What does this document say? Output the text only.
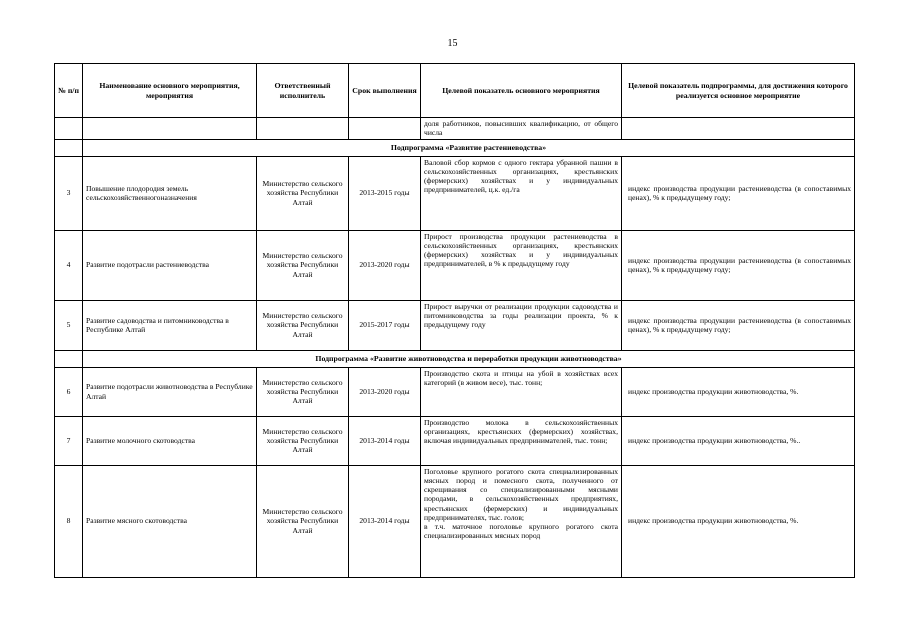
15
№ п/п	Наименование основного мероприятия, мероприятия	Ответственный исполнитель	Срок выполнения	Целевой показатель основного мероприятия	Целевой показатель подпрограммы, для достижения которого реализуется основное мероприятие
				доля работников, повысивших квалификацию, от общего числа	
	Подпрограмма «Развитие растениеводства»				
3	Повышение плодородия земель сельскохозяйственногоназначения	Министерство сельского хозяйства Республики Алтай	2013-2015 годы	Валовой сбор кормов с одного гектара убранной пашни в сельскохозяйственных организациях, крестьянских (фермерских) хозяйствах и у индивидуальных предпринимателей, ц.к. ед./га	индекс производства продукции растениеводства (в сопоставимых ценах), % к предыдущему году;
4	Развитие подотрасли растениеводства	Министерство сельского хозяйства Республики Алтай	2013-2020 годы	Прирост производства продукции растениеводства в сельскохозяйственных организациях, крестьянских (фермерских) хозяйствах и у индивидуальных предпринимателей, в % к предыдущему году	индекс производства продукции растениеводства (в сопоставимых ценах), % к предыдущему году;
5	Развитие садоводства и питомниководства в Республике Алтай	Министерство сельского хозяйства Республики Алтай	2015-2017 годы	Прирост выручки от реализации продукции садоводства и питомниководства за годы реализации проекта, % к предыдущему году	индекс производства продукции растениеводства (в сопоставимых ценах), % к предыдущему году;
	Подпрограмма «Развитие животноводства и переработки продукции животноводства»				
6	Развитие подотрасли животноводства в Республике Алтай	Министерство сельского хозяйства Республики Алтай	2013-2020 годы	Производство скота и птицы на убой в хозяйствах всех категорий (в живом весе), тыс. тонн;	индекс производства продукции животноводства, %.
7	Развитие молочного скотоводства	Министерство сельского хозяйства Республики Алтай	2013-2014 годы	Производство молока в сельскохозяйственных организациях, крестьянских (фермерских) хозяйствах, включая индивидуальных предпринимателей, тыс. тонн;	индекс производства продукции животноводства, %..
8	Развитие мясного скотоводства	Министерство сельского хозяйства Республики Алтай	2013-2014 годы	Поголовье крупного рогатого скота специализированных мясных пород и помесного скота, полученного от скрещивания со специализированными мясными породами, в сельскохозяйственных предприятиях, крестьянских (фермерских) и индивидуальных предпринимателях, тыс. голов;
в т.ч. маточное поголовье крупного рогатого скота специализированных мясных пород	индекс производства продукции животноводства, %.
